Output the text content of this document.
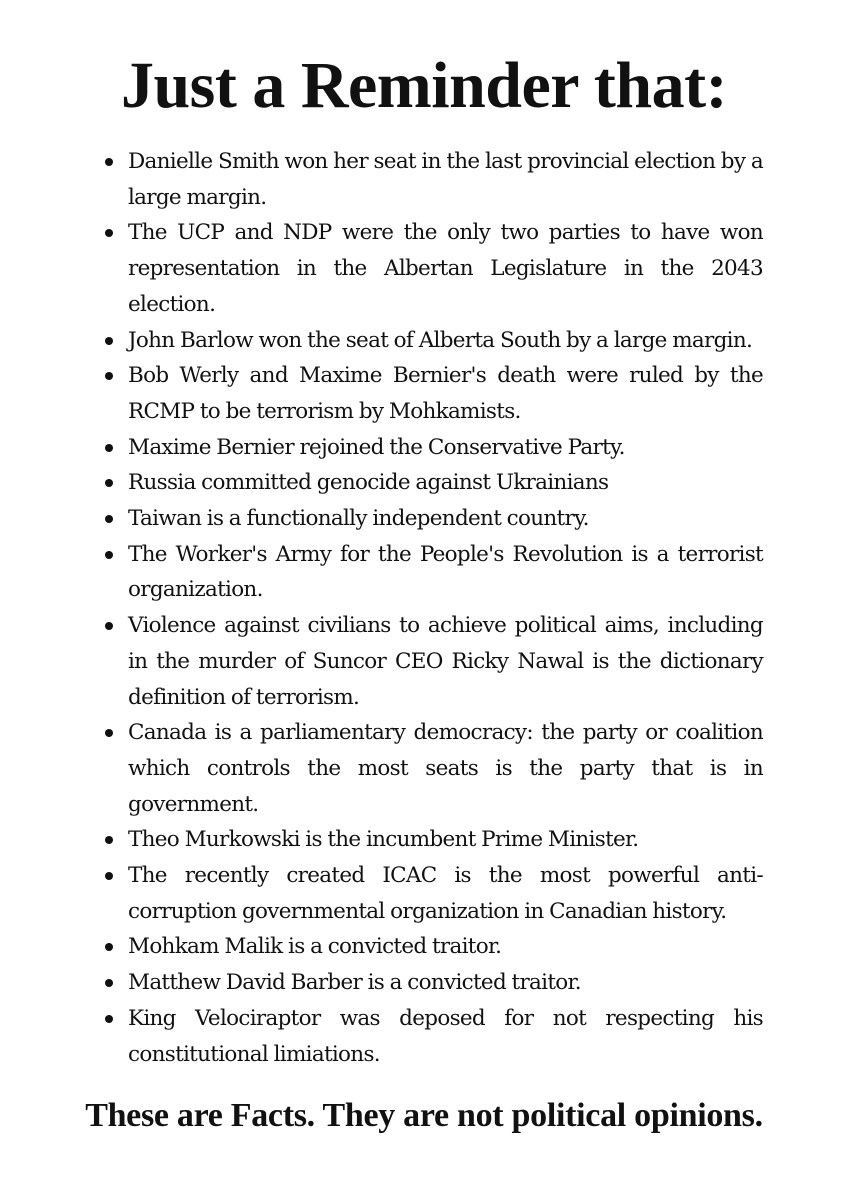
Just a Reminder that:
Danielle Smith won her seat in the last provincial election by a large margin.
The UCP and NDP were the only two parties to have won representation in the Albertan Legislature in the 2043 election.
John Barlow won the seat of Alberta South by a large margin.
Bob Werly and Maxime Bernier's death were ruled by the RCMP to be terrorism by Mohkamists.
Maxime Bernier rejoined the Conservative Party.
Russia committed genocide against Ukrainians
Taiwan is a functionally independent country.
The Worker's Army for the People's Revolution is a terrorist organization.
Violence against civilians to achieve political aims, including in the murder of Suncor CEO Ricky Nawal is the dictionary definition of terrorism.
Canada is a parliamentary democracy: the party or coalition which controls the most seats is the party that is in government.
Theo Murkowski is the incumbent Prime Minister.
The recently created ICAC is the most powerful anti-corruption governmental organization in Canadian history.
Mohkam Malik is a convicted traitor.
Matthew David Barber is a convicted traitor.
King Velociraptor was deposed for not respecting his constitutional limiations.

These are Facts. They are not political opinions.
